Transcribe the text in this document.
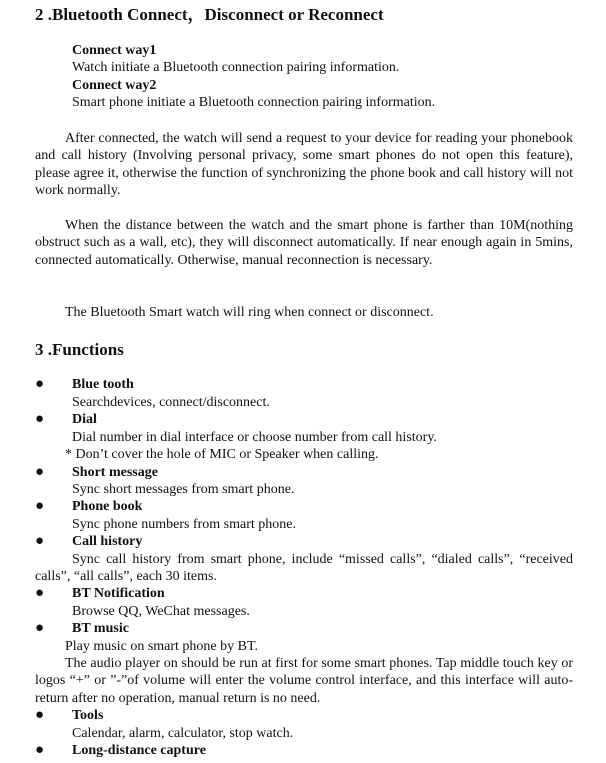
2 .Bluetooth Connect，Disconnect or Reconnect
Connect way1
Watch initiate a Bluetooth connection pairing information.
Connect way2
Smart phone initiate a Bluetooth connection pairing information.
After connected, the watch will send a request to your device for reading your phonebook and call history (Involving personal privacy, some smart phones do not open this feature), please agree it, otherwise the function of synchronizing the phone book and call history will not work normally.
When the distance between the watch and the smart phone is farther than 10M(nothing obstruct such as a wall, etc), they will disconnect automatically. If near enough again in 5mins, connected automatically. Otherwise, manual reconnection is necessary.
The Bluetooth Smart watch will ring when connect or disconnect.
3 .Functions
● Blue tooth
Searchdevices, connect/disconnect.
● Dial
Dial number in dial interface or choose number from call history.
* Don’t cover the hole of MIC or Speaker when calling.
● Short message
Sync short messages from smart phone.
● Phone book
Sync phone numbers from smart phone.
● Call history
Sync call history from smart phone, include “missed calls”, “dialed calls”, “received calls”, “all calls”, each 30 items.
● BT Notification
Browse QQ, WeChat messages.
● BT music
Play music on smart phone by BT.
The audio player on should be run at first for some smart phones. Tap middle touch key or logos “+” or ”-”of volume will enter the volume control interface, and this interface will auto-return after no operation, manual return is no need.
● Tools
Calendar, alarm, calculator, stop watch.
● Long-distance capture
